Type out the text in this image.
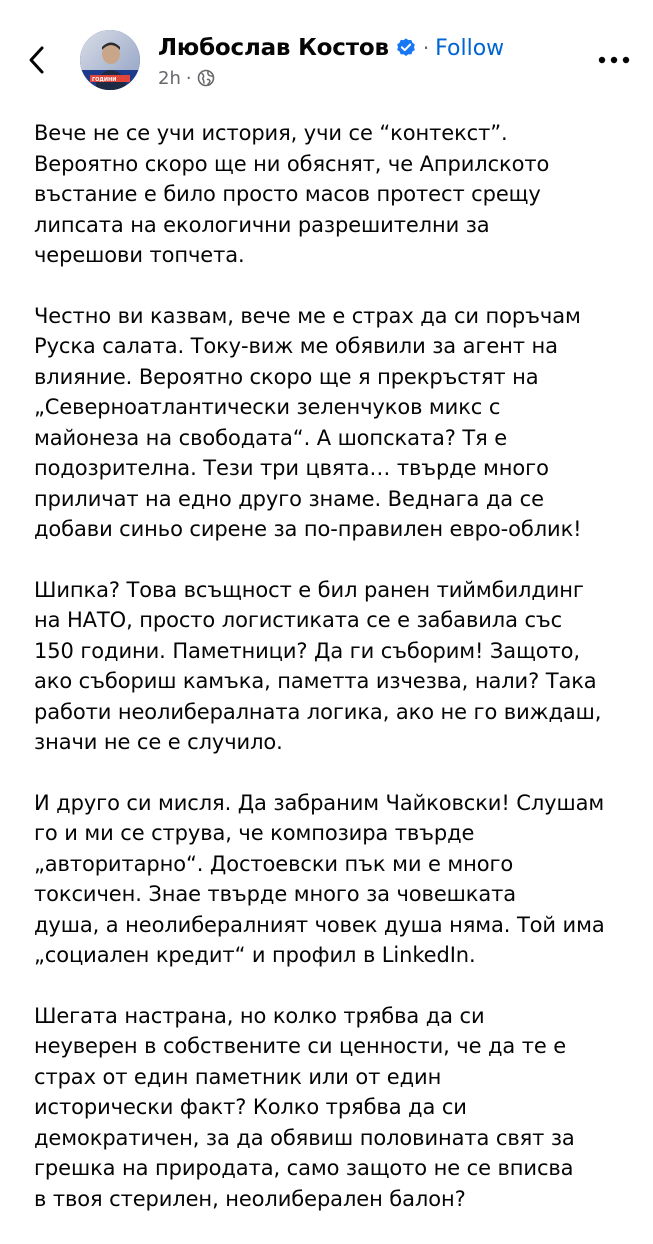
ГОДИНИ
Любослав Костов · Follow
2h ·

Вече не се учи история, учи се “контекст”.
Вероятно скоро ще ни обяснят, че Априлското
въстание е било просто масов протест срещу
липсата на екологични разрешителни за
черешови топчета.

Честно ви казвам, вече ме е страх да си поръчам
Руска салата. Току-виж ме обявили за агент на
влияние. Вероятно скоро ще я прекръстят на
„Северноатлантически зеленчуков микс с
майонеза на свободата“. А шопската? Тя е
подозрителна. Тези три цвята… твърде много
приличат на едно друго знаме. Веднага да се
добави синьо сирене за по-правилен евро-облик!

Шипка? Това всъщност е бил ранен тиймбилдинг
на НАТО, просто логистиката се е забавила със
150 години. Паметници? Да ги съборим! Защото,
ако събориш камъка, паметта изчезва, нали? Така
работи неолибералната логика, ако не го виждаш,
значи не се е случило.

И друго си мисля. Да забраним Чайковски! Слушам
го и ми се струва, че композира твърде
„авторитарно“. Достоевски пък ми е много
токсичен. Знае твърде много за човешката
душа, а неолибералният човек душа няма. Той има
„социален кредит“ и профил в LinkedIn.

Шегата настрана, но колко трябва да си
неуверен в собствените си ценности, че да те е
страх от един паметник или от един
исторически факт? Колко трябва да си
демократичен, за да обявиш половината свят за
грешка на природата, само защото не се вписва
в твоя стерилен, неолиберален балон?
